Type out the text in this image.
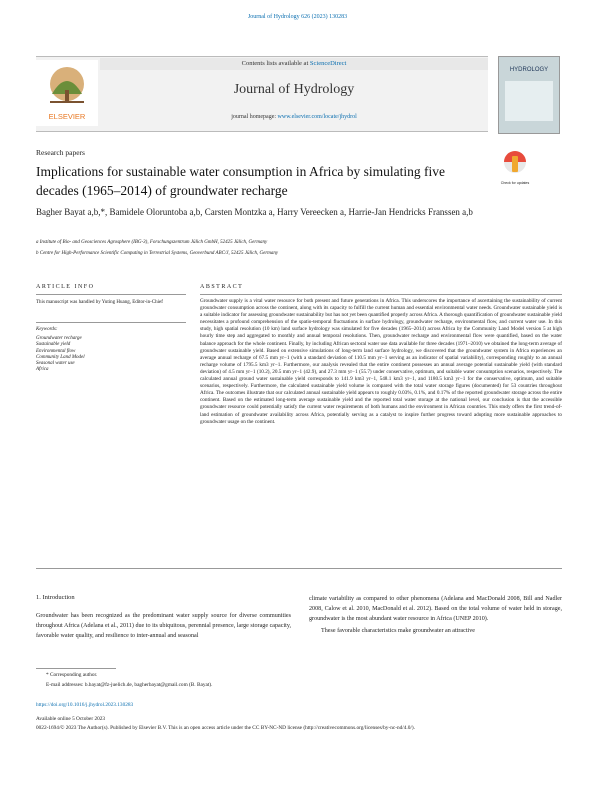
Journal of Hydrology 626 (2023) 130283
ELSEVIER
Contents lists available at ScienceDirect
Journal of Hydrology
journal homepage: www.elsevier.com/locate/jhydrol
HYDROLOGY
Research papers
Implications for sustainable water consumption in Africa by simulating five decades (1965–2014) of groundwater recharge	Check for updates
Bagher Bayat a,b,*, Bamidele Oloruntoba a,b, Carsten Montzka a, Harry Vereecken a, Harrie-Jan Hendricks Franssen a,b
a Institute of Bio- and Geosciences Agrosphere (IBG-3), Forschungszentrum Jülich GmbH, 52425 Jülich, Germany
b Centre for High-Performance Scientific Computing in Terrestrial Systems, Geoverbund ABC/J, 52425 Jülich, Germany
ARTICLE INFO	ABSTRACT
This manuscript was handled by Yuting Huang, Editor-in-Chief
Keywords:
Groundwater recharge
Sustainable yield
Environmental flow
Community Land Model
Seasonal water use
Africa
Groundwater supply is a vital water resource for both present and future generations in Africa. This underscores the importance of ascertaining the sustainability of current groundwater consumption across the continent, along with its capacity to fulfill the current human and essential environmental water needs. Groundwater sustainable yield is a suitable indicator for assessing groundwater sustainability but has not yet been quantified properly across Africa. A thorough quantification of groundwater sustainable yield necessitates a profound comprehension of the spatio-temporal fluctuations in surface hydrology, groundwater recharge, environmental flow, and current water use. In this study, high spatial resolution (10 km) land surface hydrology was simulated for five decades (1965–2014) across Africa by the Community Land Model version 5 at high hourly time step and aggregated to monthly and annual temporal resolutions. Then, groundwater recharge and environmental flow were quantified, based on the water balance approach for the whole continent. Finally, by including African sectoral water use data available for three decades (1971–2010) we obtained the long-term average of groundwater sustainable yield. Based on extensive simulations of long-term land surface hydrology, we discovered that the groundwater system in Africa experiences an average annual recharge of 67.5 mm yr−1 (with a standard deviation of 110.5 mm yr−1 serving as an indicator of spatial variability), corresponding roughly to an annual recharge volume of 1795.5 km3 yr−1. Furthermore, our analysis revealed that the entire continent possesses an annual average potential sustainable yield (with standard deviation) of 4.5 mm yr−1 (10.2), 20.5 mm yr−1 (42.9), and 27.3 mm yr−1 (55.7) under conservative, optimum, and suitable water consumption scenarios, respectively. The calculated annual ground water sustainable yield corresponds to 141.9 km3 yr−1, 548.1 km3 yr−1, and 1180.5 km3 yr−1 for the conservative, optimum, and suitable scenarios, respectively. Furthermore, the calculated sustainable yield volume is compared with the total water storage figures (documented) for 53 countries throughout Africa. The outcomes illustrate that our calculated annual sustainable yield appears to roughly 0.03%, 0.1%, and 0.17% of the reported groundwater storage across the entire continent. Based on the estimated long-term average sustainable yield and the reported total water storage at the national level, our conclusion is that the accessible groundwater resource could potentially satisfy the current water requirements of both humans and the environment in African countries. This study offers the first trend-of-land estimation of groundwater availability across Africa, potentially serving as a catalyst to inspire further progress toward adopting more sustainable approaches to groundwater usage on the continent.
1. Introduction
Groundwater has been recognized as the predominant water supply source for diverse communities throughout Africa (Adelana et al., 2011) due to its ubiquitous, perennial presence, large storage capacity, favorable water quality, and resilience to inter-annual and seasonal
climate variability as compared to other phenomena (Adelana and MacDonald 2008, Bill and Nadler 2008, Calow et al. 2010, MacDonald et al. 2012). Based on the total volume of water held in storage, groundwater is the most abundant water resource in Africa (UNEP 2010).
These favorable characteristics make groundwater an attractive
* Corresponding author.
E-mail addresses: b.bayat@fz-juelich.de, bagherbayat@gmail.com (B. Bayat).
https://doi.org/10.1016/j.jhydrol.2023.130283
Available online 5 October 2023
0022-1694/© 2023 The Author(s). Published by Elsevier B.V. This is an open access article under the CC BY-NC-ND license (http://creativecommons.org/licenses/by-nc-nd/4.0/).
